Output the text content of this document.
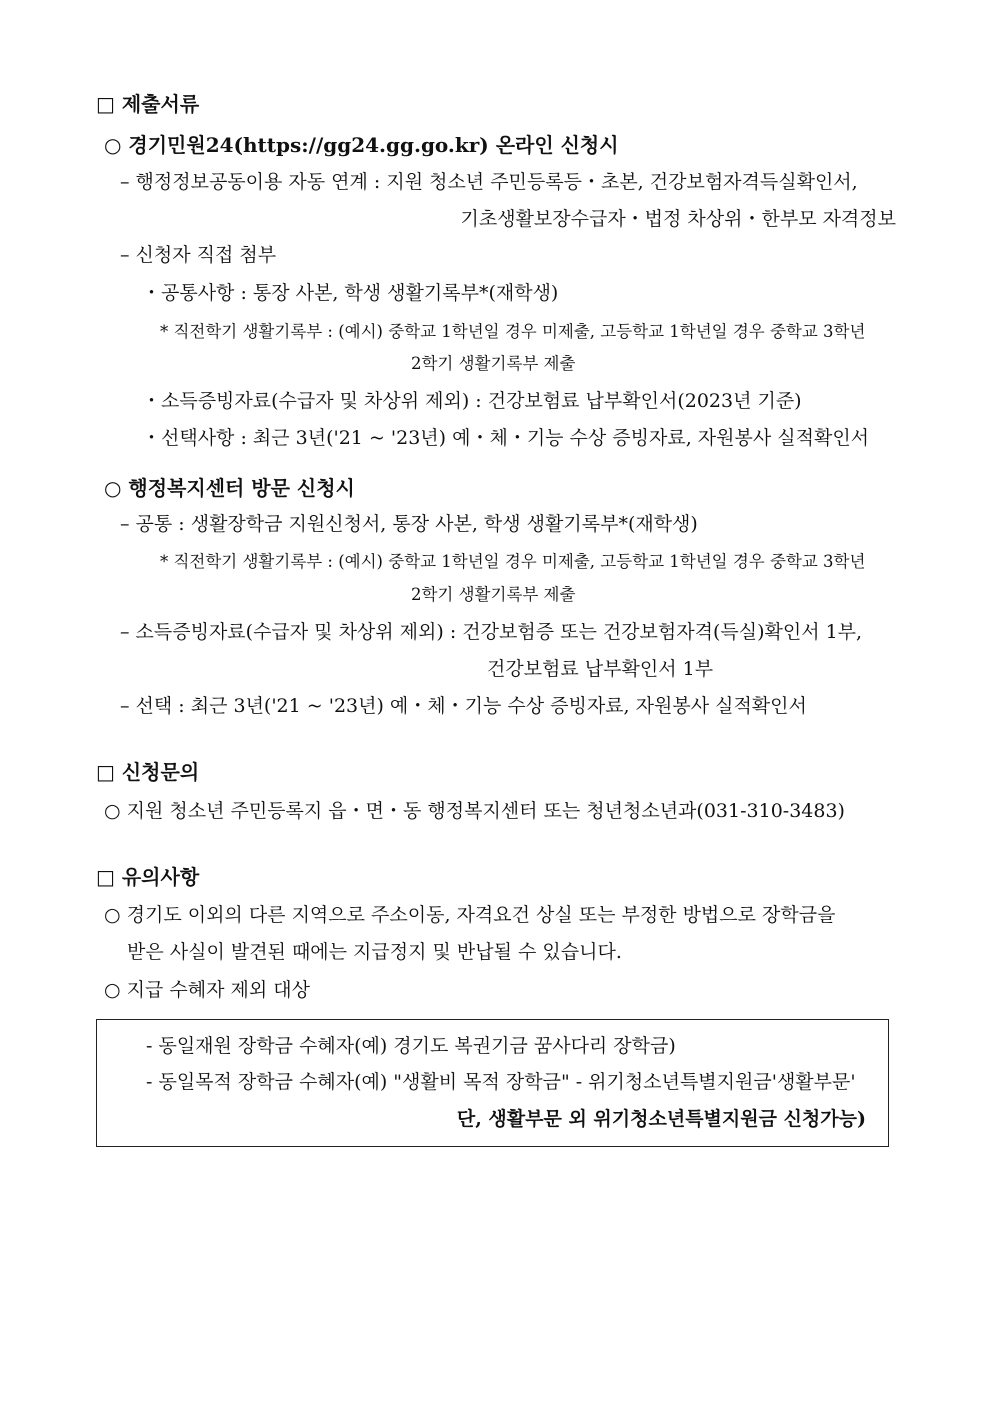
□ 제출서류
○ 경기민원24(https://gg24.gg.go.kr) 온라인 신청시
– 행정정보공동이용 자동 연계 : 지원 청소년 주민등록등・초본, 건강보험자격득실확인서,
기초생활보장수급자・법정 차상위・한부모 자격정보
– 신청자 직접 첨부
・공통사항 : 통장 사본, 학생 생활기록부*(재학생)
* 직전학기 생활기록부 : (예시) 중학교 1학년일 경우 미제출, 고등학교 1학년일 경우 중학교 3학년
2학기 생활기록부 제출
・소득증빙자료(수급자 및 차상위 제외) : 건강보험료 납부확인서(2023년 기준)
・선택사항 : 최근 3년('21 ~ '23년) 예・체・기능 수상 증빙자료, 자원봉사 실적확인서
○ 행정복지센터 방문 신청시
– 공통 : 생활장학금 지원신청서, 통장 사본, 학생 생활기록부*(재학생)
* 직전학기 생활기록부 : (예시) 중학교 1학년일 경우 미제출, 고등학교 1학년일 경우 중학교 3학년
2학기 생활기록부 제출
– 소득증빙자료(수급자 및 차상위 제외) : 건강보험증 또는 건강보험자격(득실)확인서 1부,
건강보험료 납부확인서 1부
– 선택 : 최근 3년('21 ~ '23년) 예・체・기능 수상 증빙자료, 자원봉사 실적확인서
□ 신청문의
○ 지원 청소년 주민등록지 읍・면・동 행정복지센터 또는 청년청소년과(031-310-3483)
□ 유의사항
○ 경기도 이외의 다른 지역으로 주소이동, 자격요건 상실 또는 부정한 방법으로 장학금을
받은 사실이 발견된 때에는 지급정지 및 반납될 수 있습니다.
○ 지급 수혜자 제외 대상
- 동일재원 장학금 수혜자(예) 경기도 복권기금 꿈사다리 장학금)
- 동일목적 장학금 수혜자(예) "생활비 목적 장학금" - 위기청소년특별지원금'생활부문'
단, 생활부문 외 위기청소년특별지원금 신청가능)
